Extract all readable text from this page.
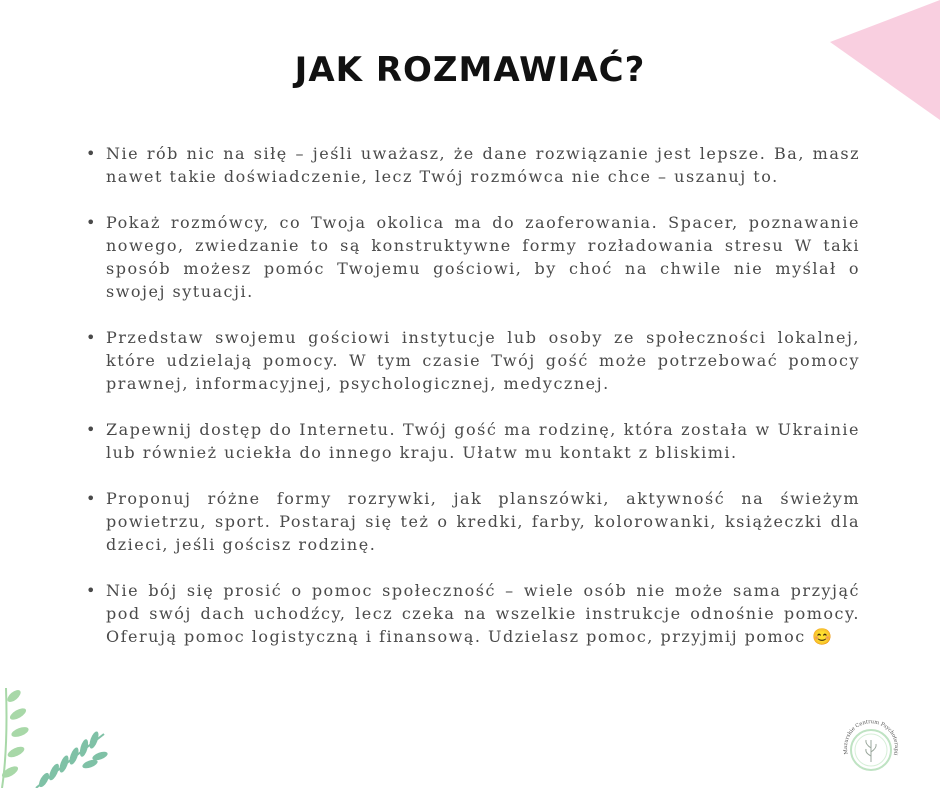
JAK ROZMAWIAĆ?
• Nie rób nic na siłę – jeśli uważasz, że dane rozwiązanie jest lepsze. Ba, masz nawet takie doświadczenie, lecz Twój rozmówca nie chce – uszanuj to.
• Pokaż rozmówcy, co Twoja okolica ma do zaoferowania. Spacer, poznawanie nowego, zwiedzanie to są konstruktywne formy rozładowania stresu W taki sposób możesz pomóc Twojemu gościowi, by choć na chwile nie myślał o swojej sytuacji.
• Przedstaw swojemu gościowi instytucje lub osoby ze społeczności lokalnej, które udzielają pomocy. W tym czasie Twój gość może potrzebować pomocy prawnej, informacyjnej, psychologicznej, medycznej.
• Zapewnij dostęp do Internetu. Twój gość ma rodzinę, która została w Ukrainie lub również uciekła do innego kraju. Ułatw mu kontakt z bliskimi.
• Proponuj różne formy rozrywki, jak planszówki, aktywność na świeżym powietrzu, sport. Postaraj się też o kredki, farby, kolorowanki, książeczki dla dzieci, jeśli gościsz rodzinę.
• Nie bój się prosić o pomoc społeczność – wiele osób nie może sama przyjąć pod swój dach uchodźcy, lecz czeka na wszelkie instrukcje odnośnie pomocy. Oferują pomoc logistyczną i finansową. Udzielasz pomoc, przyjmij pomoc 😊
Mazurskie Centrum Psychoterapii
